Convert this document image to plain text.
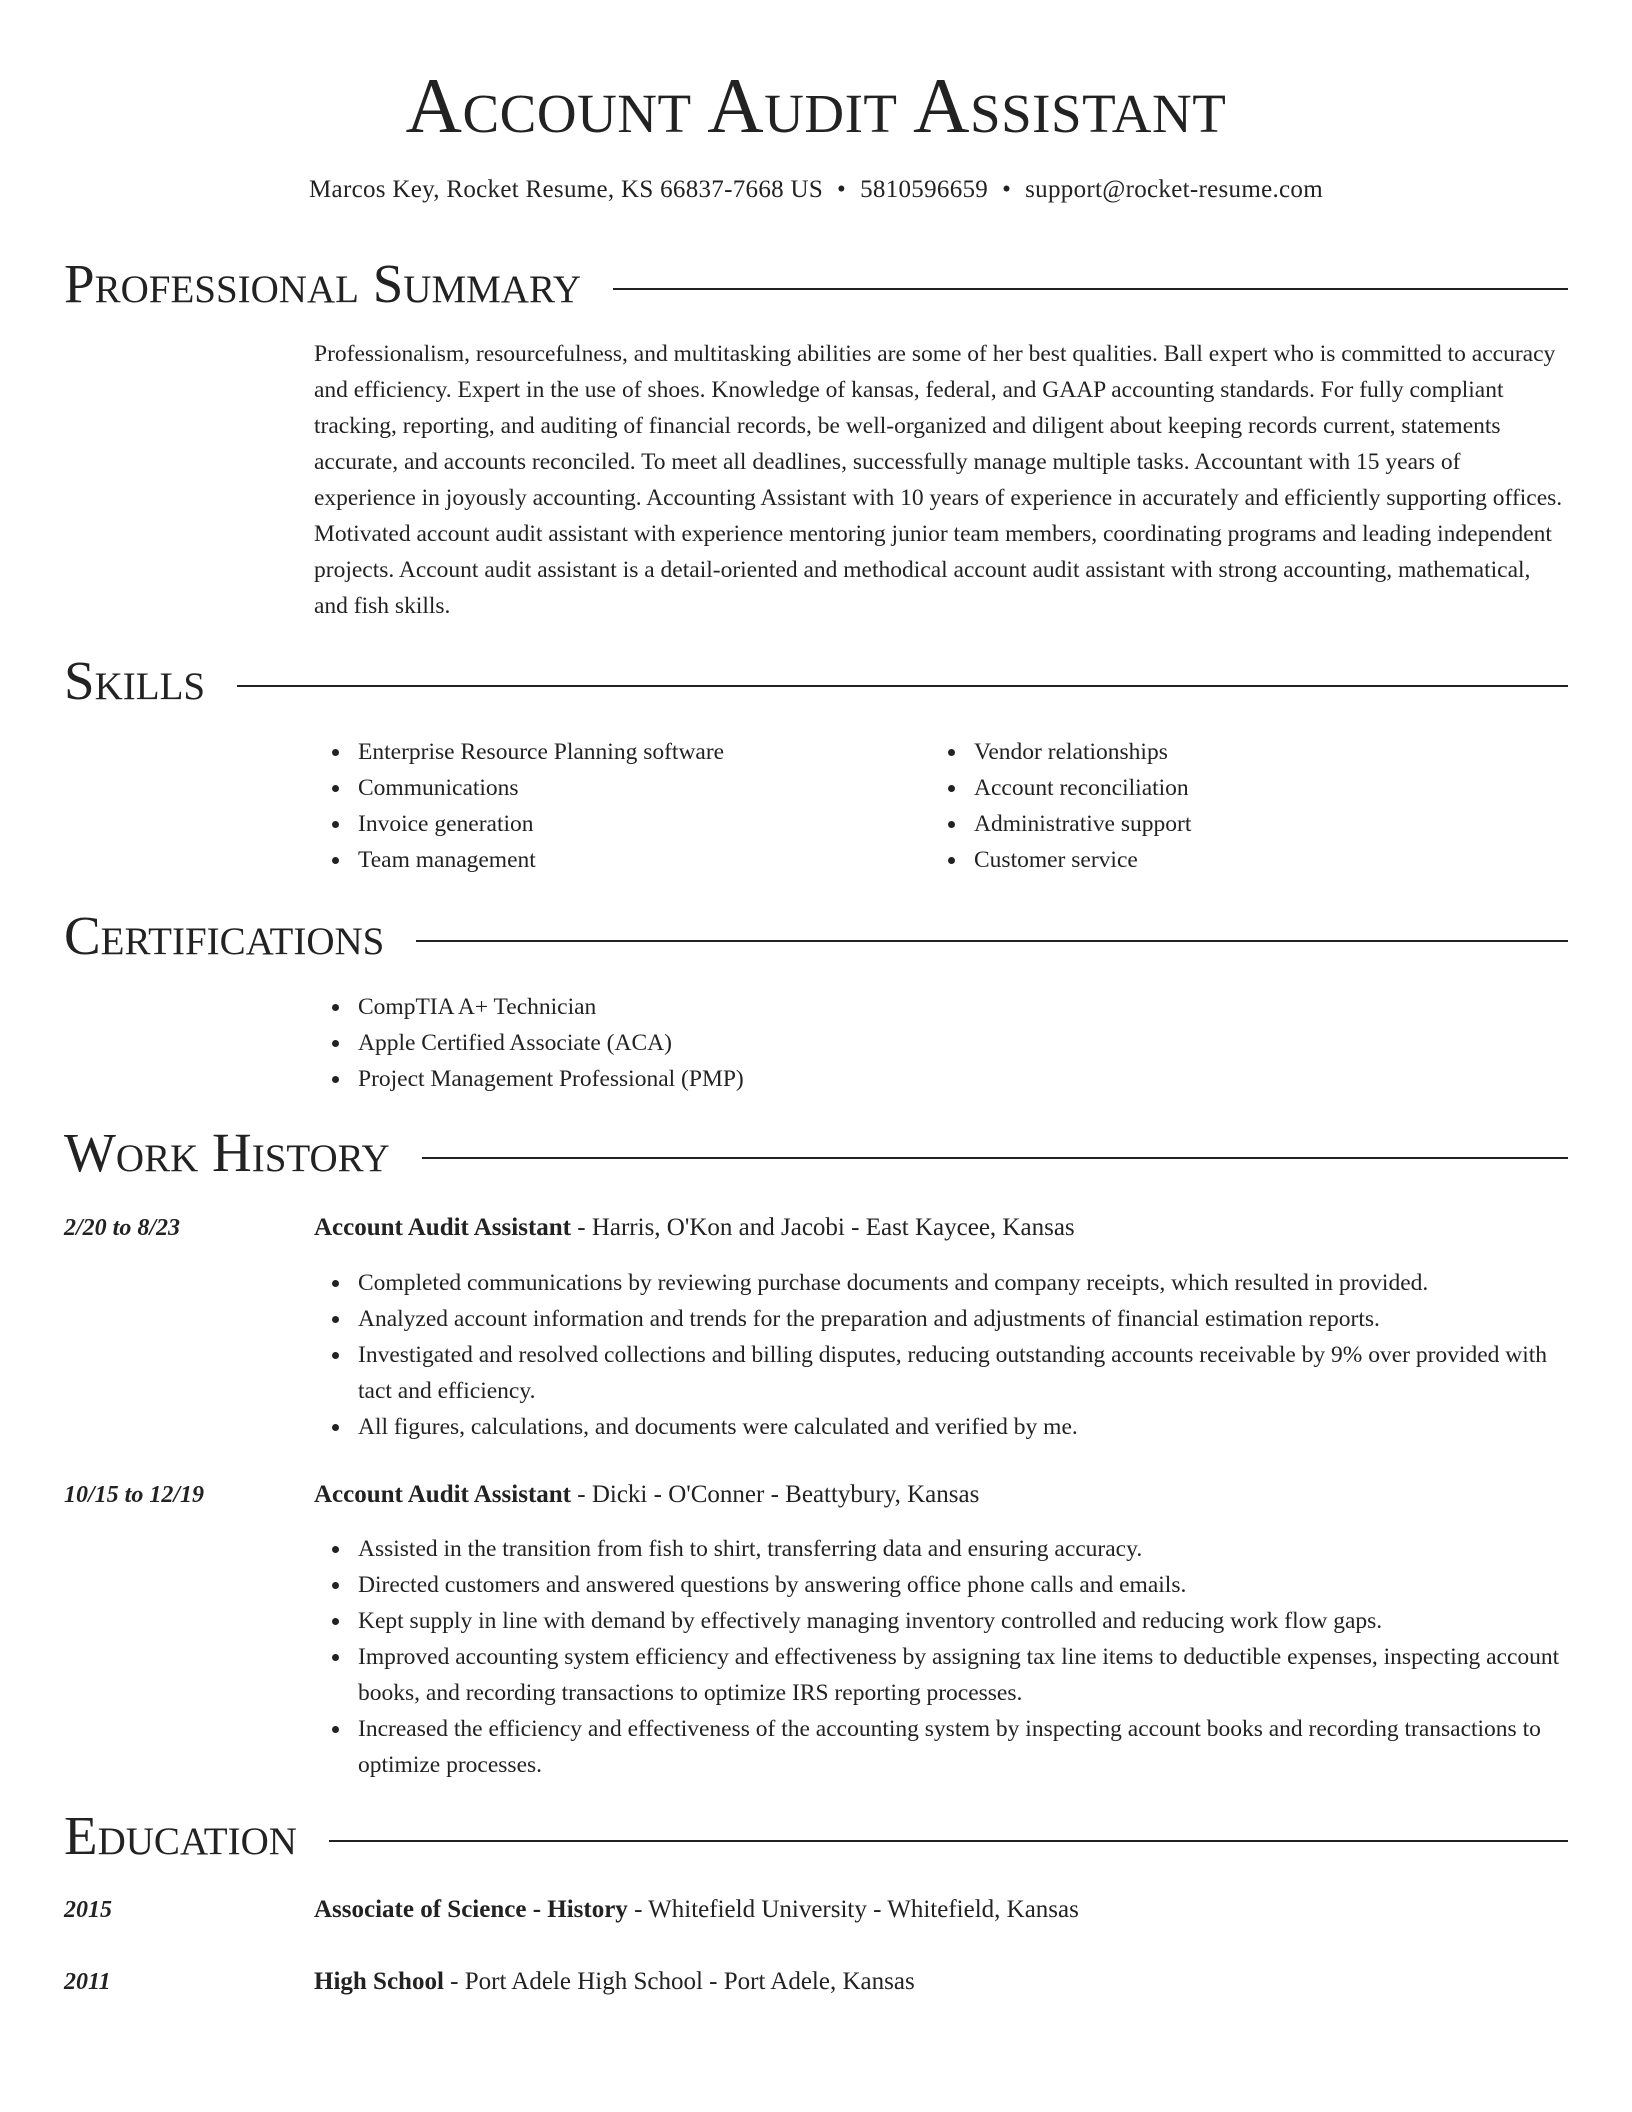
Account Audit Assistant
Marcos Key, Rocket Resume, KS 66837-7668 US • 5810596659 • support@rocket-resume.com
Professional Summary

Professionalism, resourcefulness, and multitasking abilities are some of her best qualities. Ball expert who is committed to accuracy and efficiency. Expert in the use of shoes. Knowledge of kansas, federal, and GAAP accounting standards. For fully compliant tracking, reporting, and auditing of financial records, be well-organized and diligent about keeping records current, statements accurate, and accounts reconciled. To meet all deadlines, successfully manage multiple tasks. Accountant with 15 years of experience in joyously accounting. Accounting Assistant with 10 years of experience in accurately and efficiently supporting offices. Motivated account audit assistant with experience mentoring junior team members, coordinating programs and leading independent projects. Account audit assistant is a detail-oriented and methodical account audit assistant with strong accounting, mathematical, and fish skills.

Skills
Enterprise Resource Planning software
Communications
Invoice generation
Team management
Vendor relationships
Account reconciliation
Administrative support
Customer service
Certifications
CompTIA A+ Technician
Apple Certified Associate (ACA)
Project Management Professional (PMP)
Work History
2/20 to 8/23	Account Audit Assistant - Harris, O'Kon and Jacobi - East Kaycee, Kansas
Completed communications by reviewing purchase documents and company receipts, which resulted in provided.
Analyzed account information and trends for the preparation and adjustments of financial estimation reports.
Investigated and resolved collections and billing disputes, reducing outstanding accounts receivable by 9% over provided with tact and efficiency.
All figures, calculations, and documents were calculated and verified by me.
10/15 to 12/19	Account Audit Assistant - Dicki - O'Conner - Beattybury, Kansas
Assisted in the transition from fish to shirt, transferring data and ensuring accuracy.
Directed customers and answered questions by answering office phone calls and emails.
Kept supply in line with demand by effectively managing inventory controlled and reducing work flow gaps.
Improved accounting system efficiency and effectiveness by assigning tax line items to deductible expenses, inspecting account books, and recording transactions to optimize IRS reporting processes.
Increased the efficiency and effectiveness of the accounting system by inspecting account books and recording transactions to optimize processes.
Education
2015	Associate of Science - History - Whitefield University - Whitefield, Kansas
2011	High School - Port Adele High School - Port Adele, Kansas
